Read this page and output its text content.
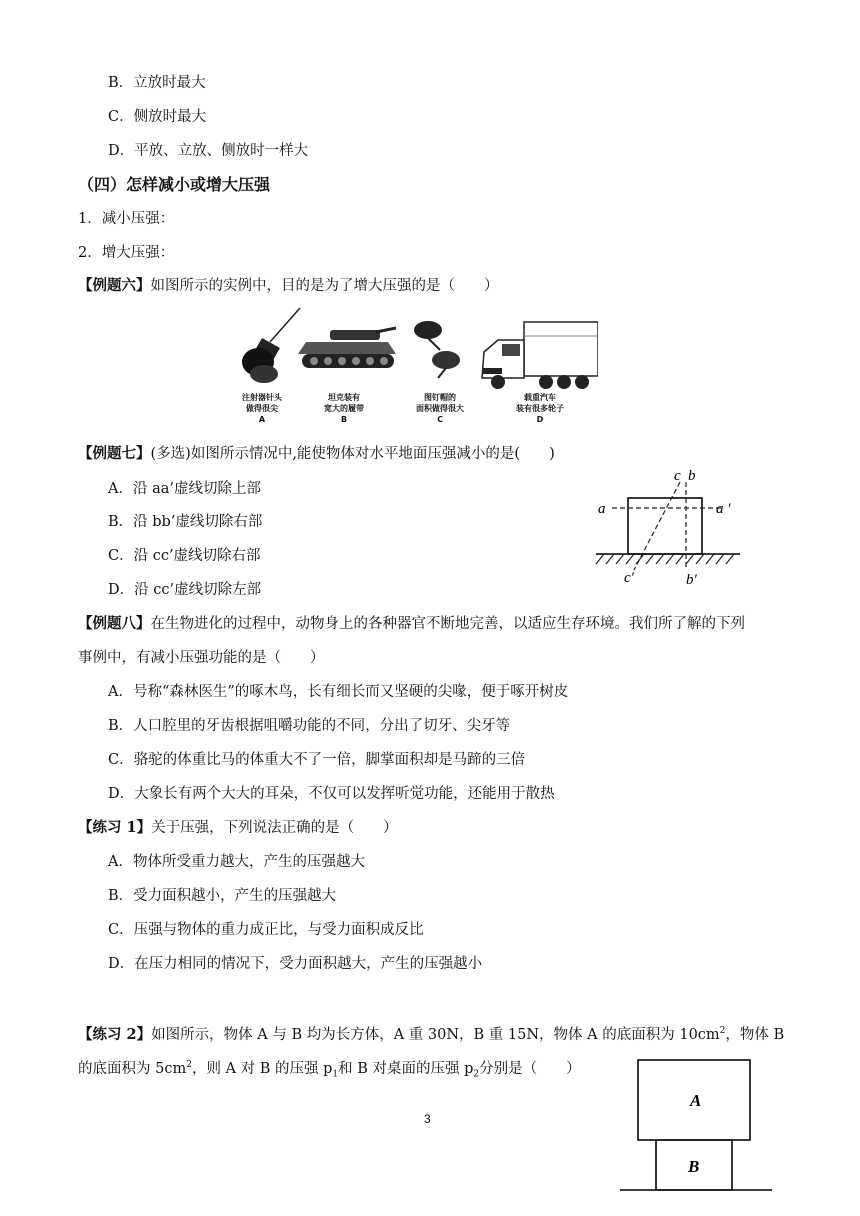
B．立放时最大
C．侧放时最大
D．平放、立放、侧放时一样大
（四）怎样减小或增大压强
1．减小压强：
2．增大压强：
【例题六】如图所示的实例中，目的是为了增大压强的是（　　）
注射器针头
做得很尖
A
坦克装有
宽大的履带
B
图钉帽的
面积做得很大
C
载重汽车
装有很多轮子
D
【例题七】(多选)如图所示情况中,能使物体对水平地面压强减小的是(　　)
A．沿 aa’虚线切除上部
B．沿 bb’虚线切除右部
C．沿 cc’虚线切除右部
D．沿 cc’虚线切除左部
a	a ′
c b
c′	b′
【例题八】在生物进化的过程中，动物身上的各种器官不断地完善，以适应生存环境。我们所了解的下列
事例中，有减小压强功能的是（　　）
A．号称“森林医生”的啄木鸟，长有细长而又坚硬的尖喙，便于啄开树皮
B．人口腔里的牙齿根据咀嚼功能的不同，分出了切牙、尖牙等
C．骆驼的体重比马的体重大不了一倍，脚掌面积却是马蹄的三倍
D．大象长有两个大大的耳朵，不仅可以发挥听觉功能，还能用于散热
【练习 1】关于压强，下列说法正确的是（　　）
A．物体所受重力越大，产生的压强越大
B．受力面积越小，产生的压强越大
C．压强与物体的重力成正比，与受力面积成反比
D．在压力相同的情况下，受力面积越大，产生的压强越小
【练习 2】如图所示，物体 A 与 B 均为长方体，A 重 30N，B 重 15N，物体 A 的底面积为 $10cm^2$，物体 B
的底面积为 $5cm^2$，则 A 对 B 的压强 $p_1$和 B 对桌面的压强 $p_2$分别是（　　）
A
B
3
